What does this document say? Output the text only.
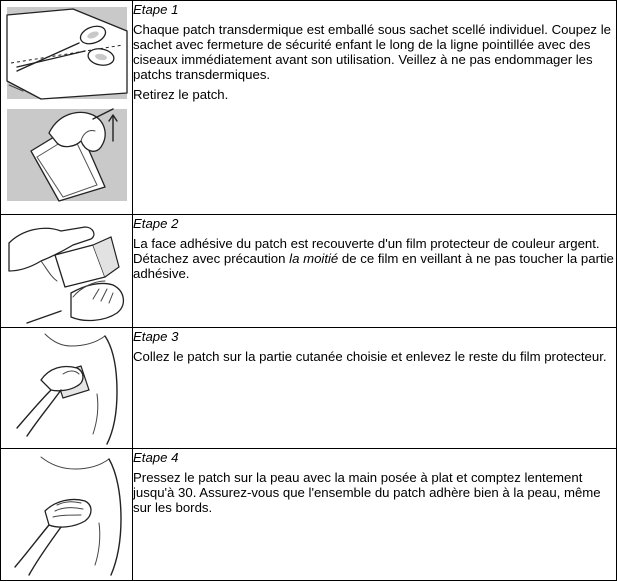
Etape 1
Chaque patch transdermique est emballé sous sachet scellé individuel. Coupez le sachet avec fermeture de sécurité enfant le long de la ligne pointillée avec des ciseaux immédiatement avant son utilisation. Veillez à ne pas endommager les patchs transdermiques.
Retirez le patch.

Etape 2
La face adhésive du patch est recouverte d'un film protecteur de couleur argent. Détachez avec précaution la moitié de ce film en veillant à ne pas toucher la partie adhésive.

Etape 3
Collez le patch sur la partie cutanée choisie et enlevez le reste du film protecteur.

Etape 4
Pressez le patch sur la peau avec la main posée à plat et comptez lentement jusqu'à 30. Assurez-vous que l'ensemble du patch adhère bien à la peau, même sur les bords.
